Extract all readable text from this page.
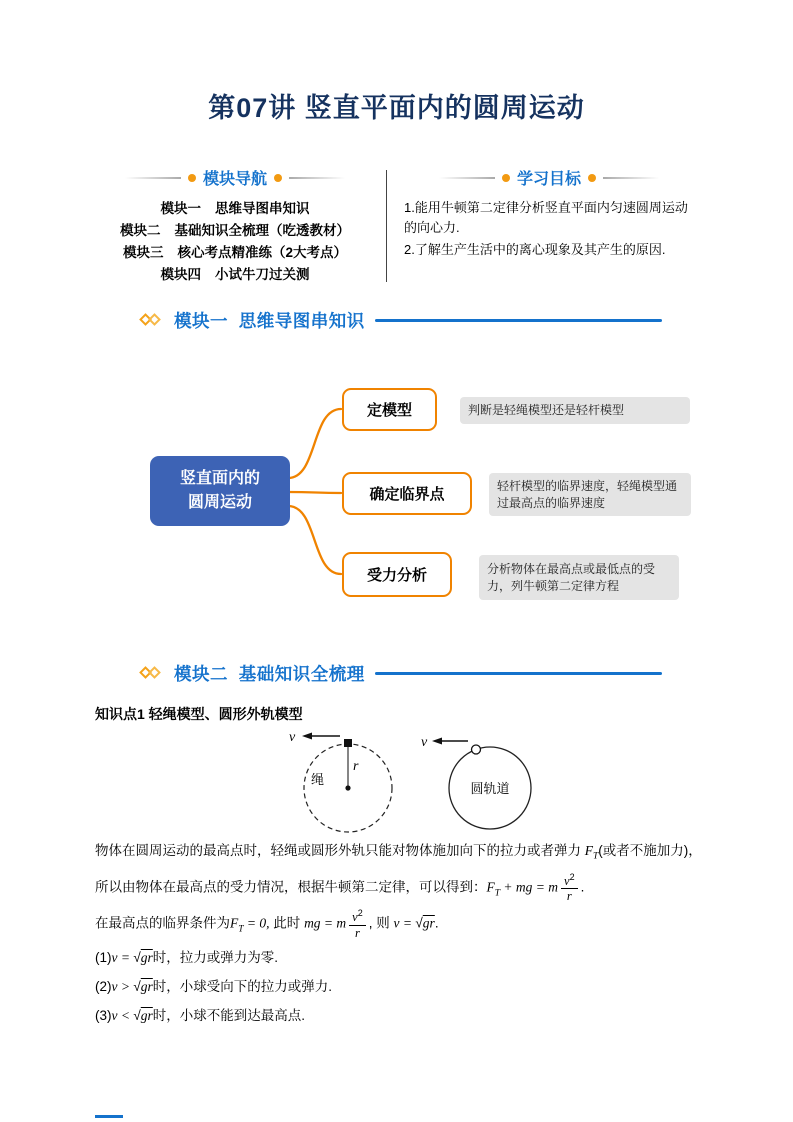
第07讲 竖直平面内的圆周运动
模块导航
模块一 思维导图串知识
模块二 基础知识全梳理（吃透教材）
模块三 核心考点精准练（2大考点）
模块四 小试牛刀过关测
学习目标
1.能用牛顿第二定律分析竖直平面内匀速圆周运动的向心力.
2.了解生产生活中的离心现象及其产生的原因.
模块一  思维导图串知识
竖直面内的
圆周运动
定模型
确定临界点
受力分析
判断是轻绳模型还是轻杆模型
轻杆模型的临界速度，轻绳模型通过最高点的临界速度
分析物体在最高点或最低点的受力，列牛顿第二定律方程
模块二  基础知识全梳理
知识点1 轻绳模型、圆形外轨模型
v
r
绳
v
圆轨道

物体在圆周运动的最高点时，轻绳或圆形外轨只能对物体施加向下的拉力或者弹力 $F_T$(或者不施加力)，

所以由物体在最高点的受力情况，根据牛顿第二定律，可以得到：$F_T$ + mg = m $\frac{v^2}{r}$ .

在最高点的临界条件为$F_T = 0$, 此时 mg = m $\frac{v^2}{r}$ , 则 v = √gr.

(1)v = √gr时，拉力或弹力为零.

(2)v > √gr时，小球受向下的拉力或弹力.

(3)v < √gr时，小球不能到达最高点.
